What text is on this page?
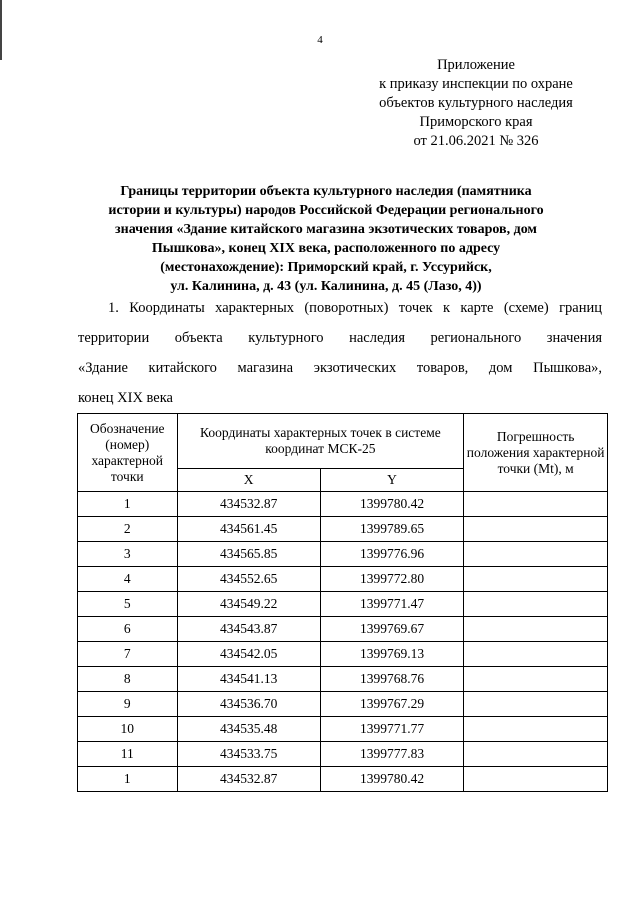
4
Приложение
к приказу инспекции по охране
объектов культурного наследия
Приморского края
от 21.06.2021 № 326
Границы территории объекта культурного наследия (памятника
истории и культуры) народов Российской Федерации регионального
значения «Здание китайского магазина экзотических товаров, дом
Пышкова», конец XIX века, расположенного по адресу
(местонахождение): Приморский край, г. Уссурийск,
ул. Калинина, д. 43 (ул. Калинина, д. 45 (Лазо, 4))
1. Координаты характерных (поворотных) точек к карте (схеме) границ
территории объекта культурного наследия регионального значения
«Здание китайского магазина экзотических товаров, дом Пышкова»,
конец XIX века
Обозначение (номер) характерной точки	Координаты характерных точек в системе координат МСК-25		Погрешность положения характерной точки (Mt), м
	X	Y	
1	434532.87	1399780.42	
2	434561.45	1399789.65	
3	434565.85	1399776.96	
4	434552.65	1399772.80	
5	434549.22	1399771.47	
6	434543.87	1399769.67	
7	434542.05	1399769.13	
8	434541.13	1399768.76	
9	434536.70	1399767.29	
10	434535.48	1399771.77	
11	434533.75	1399777.83	
1	434532.87	1399780.42	
